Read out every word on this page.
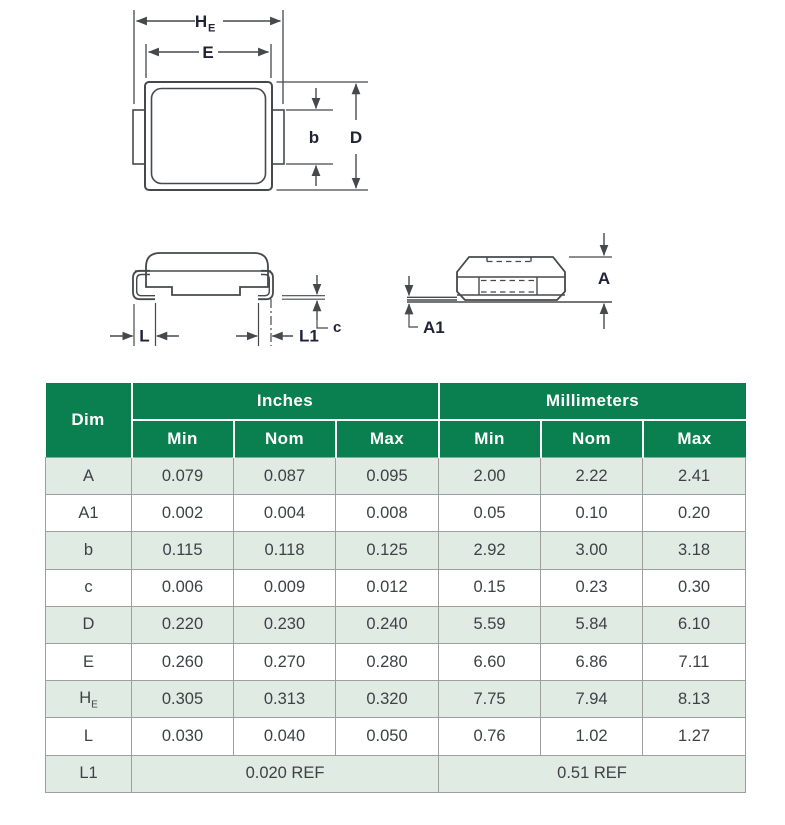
H E
E
b D
L	L1 c
A
A1
Dim	Inches			Millimeters		
	Min	Nom	Max	Min	Nom	Max
A	0.079	0.087	0.095	2.00	2.22	2.41
A1	0.002	0.004	0.008	0.05	0.10	0.20
b	0.115	0.118	0.125	2.92	3.00	3.18
c	0.006	0.009	0.012	0.15	0.23	0.30
D	0.220	0.230	0.240	5.59	5.84	6.10
E	0.260	0.270	0.280	6.60	6.86	7.11
$H_E$	0.305	0.313	0.320	7.75	7.94	8.13
L	0.030	0.040	0.050	0.76	1.02	1.27
L1	0.020 REF			0.51 REF		
